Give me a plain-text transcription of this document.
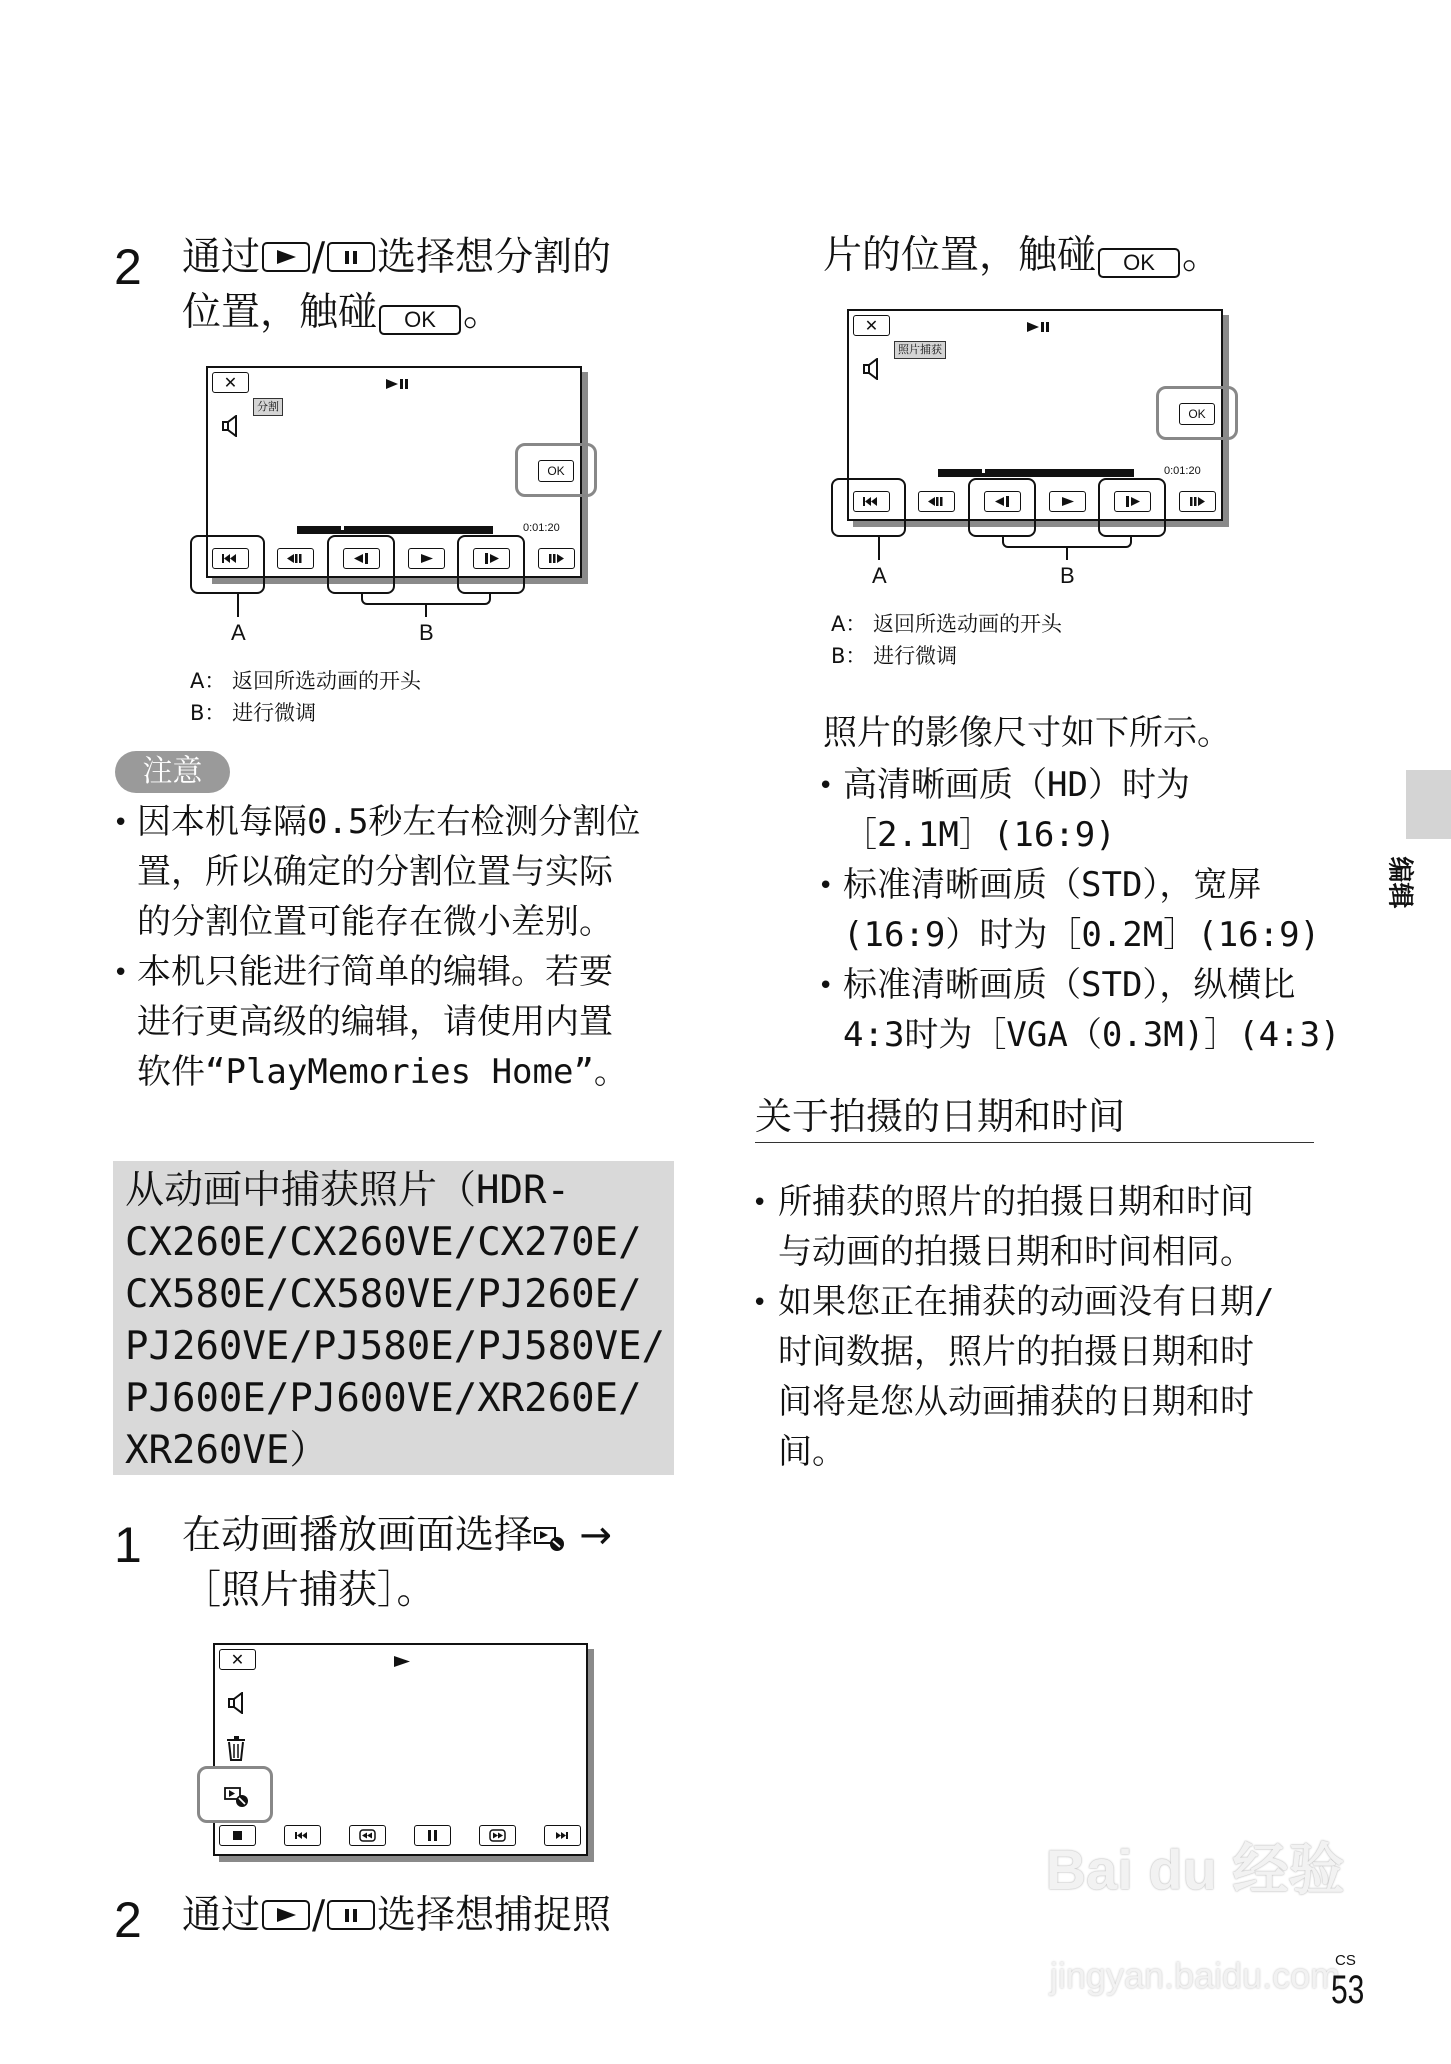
2 通过 / 选择想分割的
位置，触碰 OK 。
✕
分割
OK
0:01:20
A	B
A： 返回所选动画的开头
B： 进行微调
注意
• 因本机每隔0.5秒左右检测分割位
置，所以确定的分割位置与实际
的分割位置可能存在微小差别。
• 本机只能进行简单的编辑。若要
进行更高级的编辑，请使用内置
软件“PlayMemories Home”。
从动画中捕获照片（HDR-
CX260E/CX260VE/CX270E/
CX580E/CX580VE/PJ260E/
PJ260VE/PJ580E/PJ580VE/
PJ600E/PJ600VE/XR260E/
XR260VE）
1 在动画播放画面选择 →
［照片捕获］。
✕
2 通过 / 选择想捕捉照
片的位置，触碰 OK 。
✕
照片捕获
OK
0:01:20
A	B
A： 返回所选动画的开头
B： 进行微调
照片的影像尺寸如下所示。
• 高清晰画质（HD）时为
［2.1M］(16:9)
• 标准清晰画质（STD），宽屏
(16:9）时为［0.2M］(16:9)
• 标准清晰画质（STD），纵横比
4:3时为［VGA（0.3M)］(4:3)
关于拍摄的日期和时间
• 所捕获的照片的拍摄日期和时间
与动画的拍摄日期和时间相同。
• 如果您正在捕获的动画没有日期/
时间数据，照片的拍摄日期和时
间将是您从动画捕获的日期和时
间。
编辑
Bai du 经验
jingyan.baidu.com
CS
53
